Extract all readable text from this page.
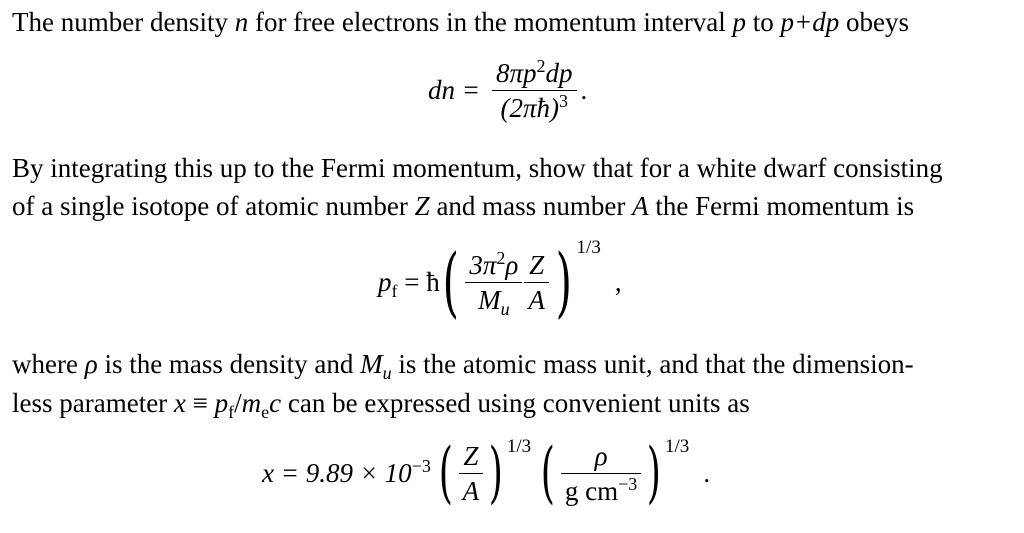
The number density n for free electrons in the momentum interval p to p+dp obeys
dn = $\frac{8\pi p^2dp}{(2\pi ħ)^3}$ .
By integrating this up to the Fermi momentum, show that for a white dwarf consisting
of a single isotope of atomic number Z and mass number A the Fermi momentum is
$p_f$ = ħ ( $\frac{3\pi^2\rho}{M_u} \frac{Z}{A}$ ) 1/3
,
where ρ is the mass density and $M_u$ is the atomic mass unit, and that the dimension-
less parameter $x \equiv p_f/m_ec$ can be expressed using convenient units as
$x = 9.89 \times 10^{-3}$ ( $\frac{Z}{A}$ ) 1/3 ( $\frac{\rho}{g cm^{-3}}$ ) 1/3
.
